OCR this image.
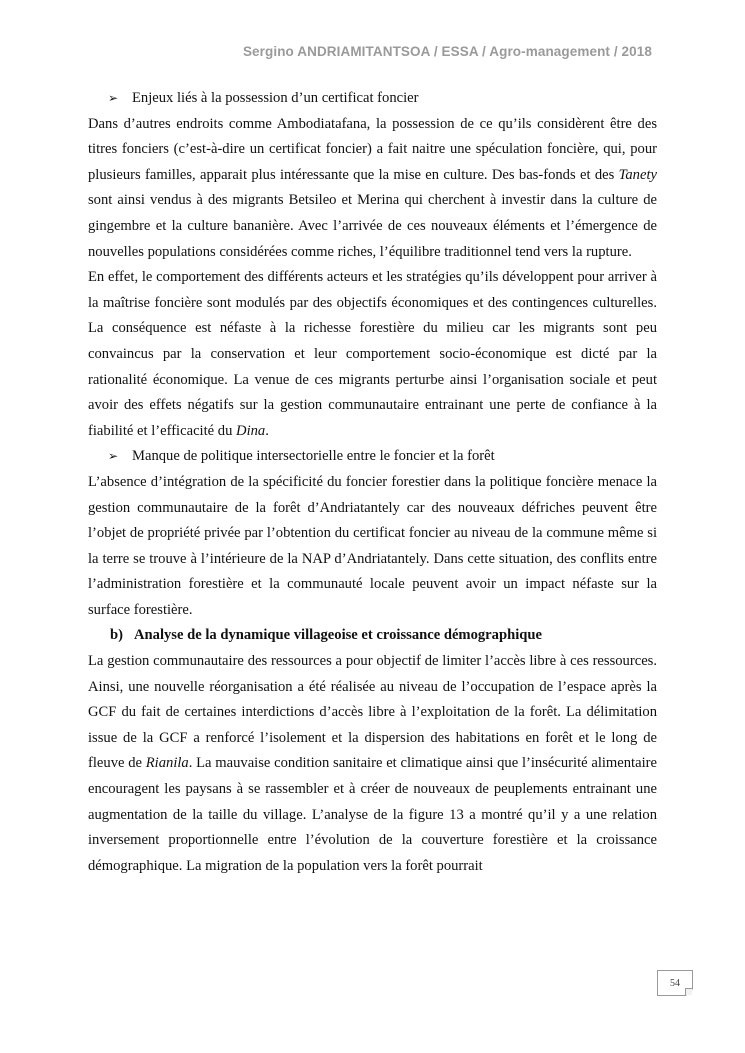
Sergino ANDRIAMITANTSOA / ESSA / Agro-management / 2018

➢ Enjeux liés à la possession d’un certificat foncier

Dans d’autres endroits comme Ambodiatafana, la possession de ce qu’ils considèrent être des titres fonciers (c’est-à-dire un certificat foncier) a fait naitre une spéculation foncière, qui, pour plusieurs familles, apparait plus intéressante que la mise en culture. Des bas-fonds et des Tanety sont ainsi vendus à des migrants Betsileo et Merina qui cherchent à investir dans la culture de gingembre et la culture bananière. Avec l’arrivée de ces nouveaux éléments et l’émergence de nouvelles populations considérées comme riches, l’équilibre traditionnel tend vers la rupture.

En effet, le comportement des différents acteurs et les stratégies qu’ils développent pour arriver à la maîtrise foncière sont modulés par des objectifs économiques et des contingences culturelles. La conséquence est néfaste à la richesse forestière du milieu car les migrants sont peu convaincus par la conservation et leur comportement socio-économique est dicté par la rationalité économique. La venue de ces migrants perturbe ainsi l’organisation sociale et peut avoir des effets négatifs sur la gestion communautaire entrainant une perte de confiance à la fiabilité et l’efficacité du Dina.

➢ Manque de politique intersectorielle entre le foncier et la forêt

L’absence d’intégration de la spécificité du foncier forestier dans la politique foncière menace la gestion communautaire de la forêt d’Andriatantely car des nouveaux défriches peuvent être l’objet de propriété privée par l’obtention du certificat foncier au niveau de la commune même si la terre se trouve à l’intérieure de la NAP d’Andriatantely. Dans cette situation, des conflits entre l’administration forestière et la communauté locale peuvent avoir un impact néfaste sur la surface forestière.

b) Analyse de la dynamique villageoise et croissance démographique

La gestion communautaire des ressources a pour objectif de limiter l’accès libre à ces ressources. Ainsi, une nouvelle réorganisation a été réalisée au niveau de l’occupation de l’espace après la GCF du fait de certaines interdictions d’accès libre à l’exploitation de la forêt. La délimitation issue de la GCF a renforcé l’isolement et la dispersion des habitations en forêt et le long de fleuve de Rianila. La mauvaise condition sanitaire et climatique ainsi que l’insécurité alimentaire encouragent les paysans à se rassembler et à créer de nouveaux de peuplements entrainant une augmentation de la taille du village. L’analyse de la figure 13 a montré qu’il y a une relation inversement proportionnelle entre l’évolution de la couverture forestière et la croissance démographique. La migration de la population vers la forêt pourrait

54
